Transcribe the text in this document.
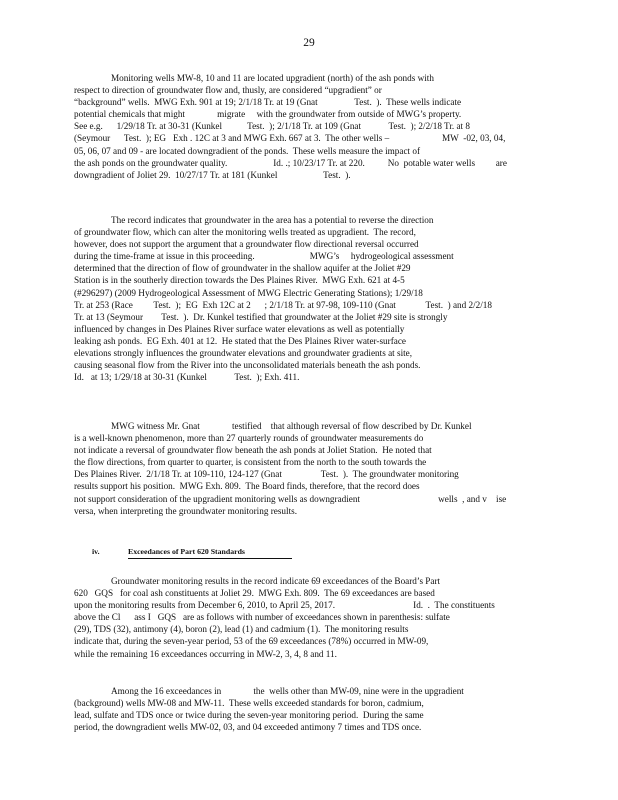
29
Monitoring wells MW-8, 10 and 11 are located upgradient (north) of the ash ponds with
respect to direction of groundwater flow and, thusly, are considered “upgradient” or
“background” wells.  MWG Exh. 901 at 19; 2/1/18 Tr. at 19 (Gnat                Test.  ).  These wells indicate
potential chemicals that might              migrate     with the groundwater from outside of MWG’s property.
See e.g.      1/29/18 Tr. at 30-31 (Kunkel           Test.  ); 2/1/18 Tr. at 109 (Gnat            Test.  ); 2/2/18 Tr. at 8
(Seymour      Test.  ); EG   Exh . 12C at 3 and MWG Exh. 667 at 3.  The other wells –                       MW  -02, 03, 04,
05, 06, 07 and 09 - are located downgradient of the ponds.  These wells measure the impact of
the ash ponds on the groundwater quality.                    Id. .; 10/23/17 Tr. at 220.          No  potable water wells         are
downgradient of Joliet 29.  10/27/17 Tr. at 181 (Kunkel                    Test.  ).
The record indicates that groundwater in the area has a potential to reverse the direction
of groundwater flow, which can alter the monitoring wells treated as upgradient.  The record,
however, does not support the argument that a groundwater flow directional reversal occurred
during the time-frame at issue in this proceeding.                        MWG’s     hydrogeological assessment
determined that the direction of flow of groundwater in the shallow aquifer at the Joliet #29
Station is in the southerly direction towards the Des Plaines River.  MWG Exh. 621 at 4-5
(#296297) (2009 Hydrogeological Assessment of MWG Electric Generating Stations); 1/29/18
Tr. at 253 (Race         Test.  );  EG  Exh 12C at 2      ; 2/1/18 Tr. at 97-98, 109-110 (Gnat             Test.  ) and 2/2/18
Tr. at 13 (Seymour        Test.  ).  Dr. Kunkel testified that groundwater at the Joliet #29 site is strongly
influenced by changes in Des Plaines River surface water elevations as well as potentially
leaking ash ponds.  EG Exh. 401 at 12.  He stated that the Des Plaines River water-surface
elevations strongly influences the groundwater elevations and groundwater gradients at site,
causing seasonal flow from the River into the unconsolidated materials beneath the ash ponds.
Id.   at 13; 1/29/18 at 30-31 (Kunkel            Test.  ); Exh. 411.
MWG witness Mr. Gnat              testified    that although reversal of flow described by Dr. Kunkel
is a well-known phenomenon, more than 27 quarterly rounds of groundwater measurements do
not indicate a reversal of groundwater flow beneath the ash ponds at Joliet Station.  He noted that
the flow directions, from quarter to quarter, is consistent from the north to the south towards the
Des Plaines River.  2/1/18 Tr. at 109-110, 124-127 (Gnat                 Test.  ).  The groundwater monitoring
results support his position.  MWG Exh. 809.  The Board finds, therefore, that the record does
not support consideration of the upgradient monitoring wells as downgradient                                  wells  , and v    ise
versa, when interpreting the groundwater monitoring results.
iv.	Exceedances of Part 620 Standards
Groundwater monitoring results in the record indicate 69 exceedances of the Board’s Part
620   GQS   for coal ash constituents at Joliet 29.  MWG Exh. 809.  The 69 exceedances are based
upon the monitoring results from December 6, 2010, to April 25, 2017.                                  Id.  .  The constituents
above the Cl      ass I   GQS   are as follows with number of exceedances shown in parenthesis: sulfate
(29), TDS (32), antimony (4), boron (2), lead (1) and cadmium (1).  The monitoring results
indicate that, during the seven-year period, 53 of the 69 exceedances (78%) occurred in MW-09,
while the remaining 16 exceedances occurring in MW-2, 3, 4, 8 and 11.
Among the 16 exceedances in              the  wells other than MW-09, nine were in the upgradient
(background) wells MW-08 and MW-11.  These wells exceeded standards for boron, cadmium,
lead, sulfate and TDS once or twice during the seven-year monitoring period.  During the same
period, the downgradient wells MW-02, 03, and 04 exceeded antimony 7 times and TDS once.
